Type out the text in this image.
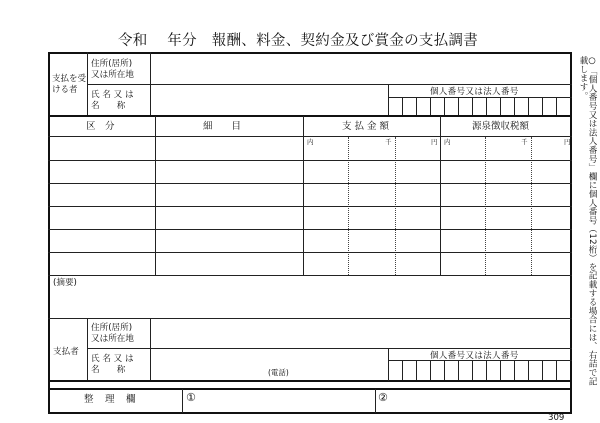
令和　 年分　報酬、料金、契約金及び賞金の支払調書
支払を受ける者
住所(居所)
又は所在地
氏 名 又 は
名　　称
個人番号又は法人番号
区　分	細　　目	支 払 金 額	源泉徴収税額
内	千	円 内	千	円
(摘要)
支払者
住所(居所)
又は所在地
氏 名 又 は
名　　称	(電話)
個人番号又は法人番号
整　理　欄	①	②
○「個人番号又は法人番号」欄に個人番号（12桁）を記載する場合には、右詰で記載します。
309
